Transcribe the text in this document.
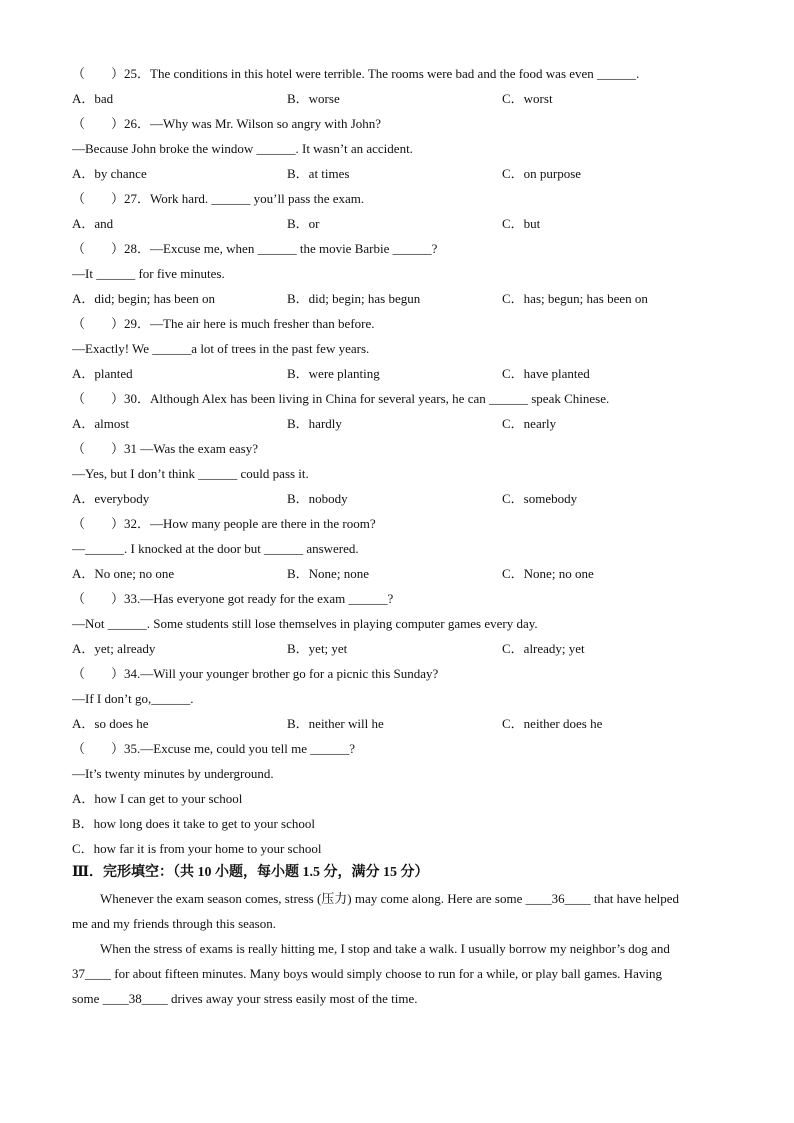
（　　）25．The conditions in this hotel were terrible. The rooms were bad and the food was even ______.
A．bad	B．worse	C．worst
（　　）26．—Why was Mr. Wilson so angry with John?
—Because John broke the window ______. It wasn’t an accident.
A．by chance	B．at times	C．on purpose
（　　）27．Work hard. ______ you’ll pass the exam.
A．and	B．or	C．but
（　　）28．—Excuse me, when ______ the movie Barbie ______?
—It ______ for five minutes.
A．did; begin; has been on	B．did; begin; has begun	C．has; begun; has been on
（　　）29．—The air here is much fresher than before.
—Exactly! We ______a lot of trees in the past few years.
A．planted	B．were planting	C．have planted
（　　）30．Although Alex has been living in China for several years, he can ______ speak Chinese.
A．almost	B．hardly	C．nearly
（　　）31 —Was the exam easy?
—Yes, but I don’t think ______ could pass it.
A．everybody	B．nobody	C．somebody
（　　）32．—How many people are there in the room?
—______. I knocked at the door but ______ answered.
A．No one; no one	B．None; none	C．None; no one
（　　）33.—Has everyone got ready for the exam ______?
—Not ______. Some students still lose themselves in playing computer games every day.
A．yet; already	B．yet; yet	C．already; yet
（　　）34.—Will your younger brother go for a picnic this Sunday?
—If I don’t go,______.
A．so does he	B．neither will he	C．neither does he
（　　）35.—Excuse me, could you tell me ______?
—It’s twenty minutes by underground.
A．how I can get to your school
B．how long does it take to get to your school
C．how far it is from your home to your school
Ⅲ．完形填空：（共 10 小题，每小题 1.5 分，满分 15 分）
Whenever the exam season comes, stress (压力) may come along. Here are some ____36____ that have helped
me and my friends through this season.
When the stress of exams is really hitting me, I stop and take a walk. I usually borrow my neighbor’s dog and
37____ for about fifteen minutes. Many boys would simply choose to run for a while, or play ball games. Having
some ____38____ drives away your stress easily most of the time.
